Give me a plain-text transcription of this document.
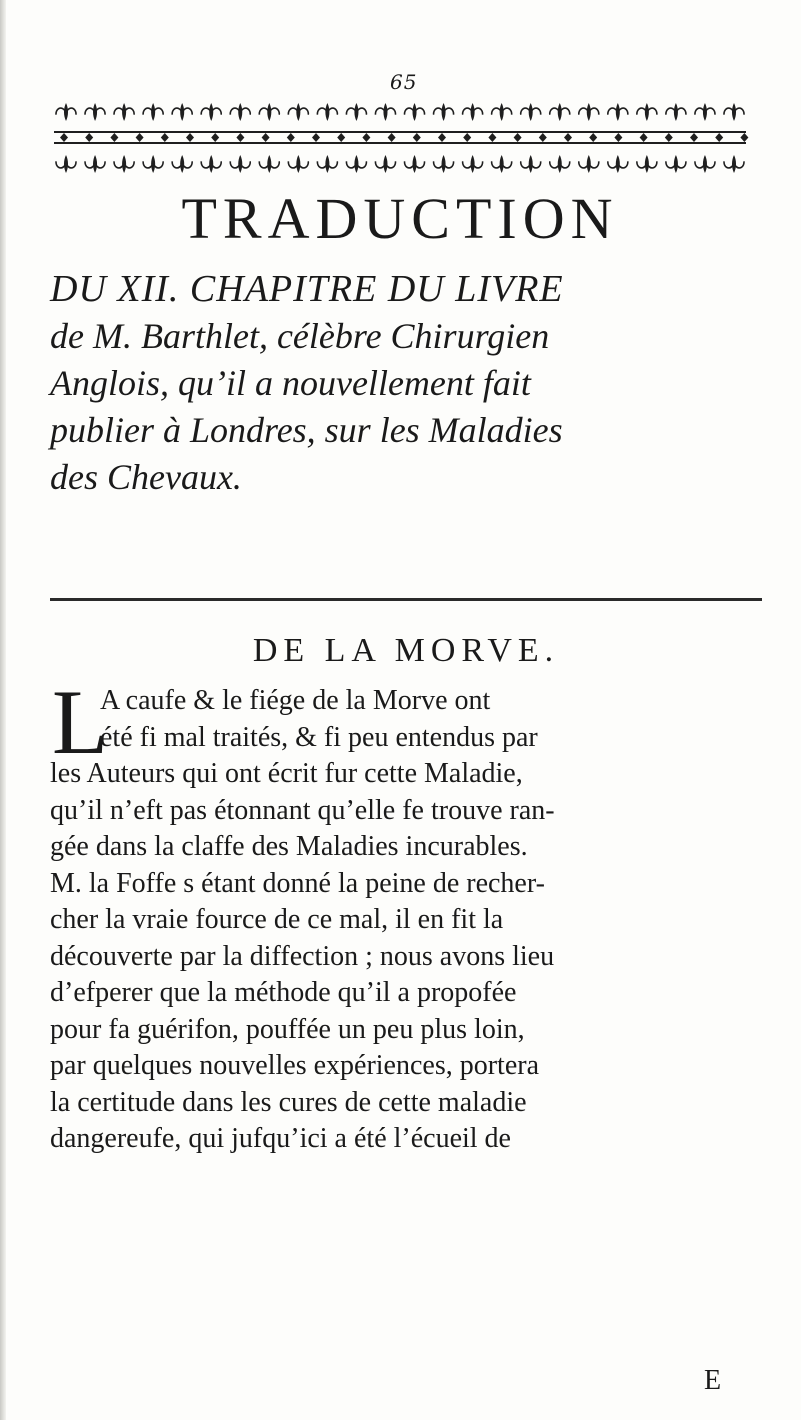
65
TRADUCTION
DU XII. CHAPITRE DU LIVRE
de M. Barthlet, célèbre Chirurgien
Anglois, qu’il a nouvellement fait
publier à Londres, sur les Maladies
des Chevaux.
DE LA MORVE.
L
A caufe & le fiége de la Morve ont
été fi mal traités, & fi peu entendus par
les Auteurs qui ont écrit fur cette Maladie,
qu’il n’eft pas étonnant qu’elle fe trouve ran-
gée dans la claffe des Maladies incurables.
M. la Foffe s étant donné la peine de recher-
cher la vraie fource de ce mal, il en fit la
découverte par la diffection ; nous avons lieu
d’efperer que la méthode qu’il a propofée
pour fa guérifon, pouffée un peu plus loin,
par quelques nouvelles expériences, portera
la certitude dans les cures de cette maladie
dangereufe, qui jufqu’ici a été l’écueil de
E
